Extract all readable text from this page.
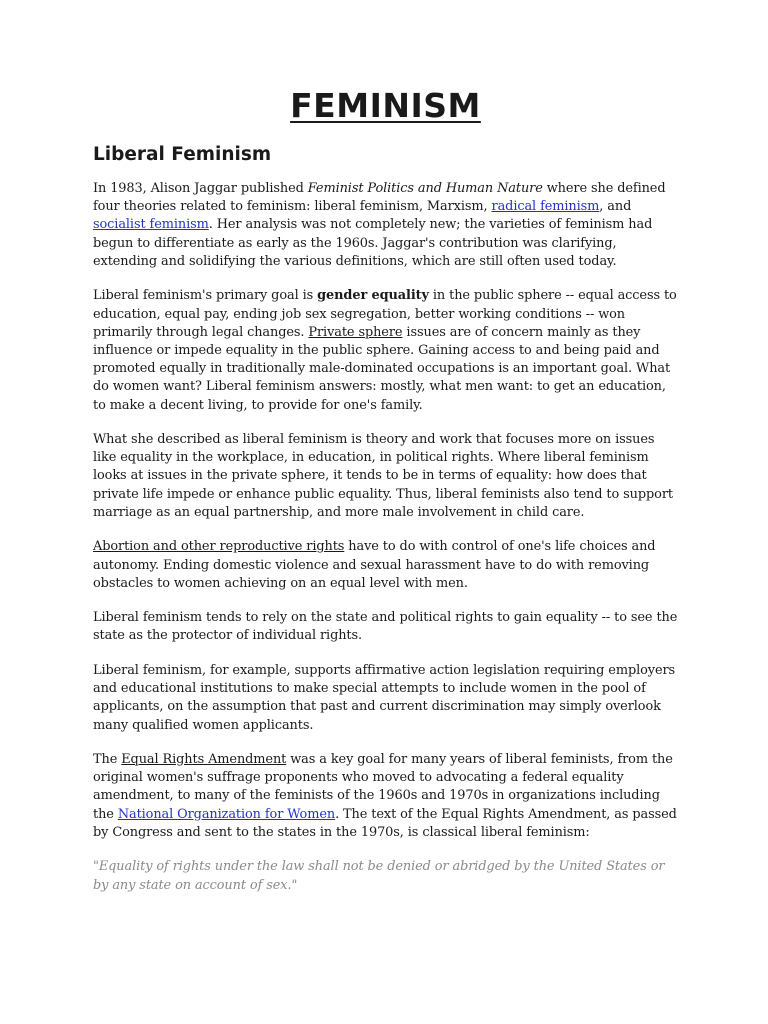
FEMINISM
Liberal Feminism

In 1983, Alison Jaggar published Feminist Politics and Human Nature where she defined four theories related to feminism: liberal feminism, Marxism, radical feminism, and socialist feminism. Her analysis was not completely new; the varieties of feminism had begun to differentiate as early as the 1960s. Jaggar's contribution was clarifying, extending and solidifying the various definitions, which are still often used today.

Liberal feminism's primary goal is gender equality in the public sphere -- equal access to education, equal pay, ending job sex segregation, better working conditions -- won primarily through legal changes. Private sphere issues are of concern mainly as they influence or impede equality in the public sphere. Gaining access to and being paid and promoted equally in traditionally male-dominated occupations is an important goal. What do women want? Liberal feminism answers: mostly, what men want: to get an education, to make a decent living, to provide for one's family.

What she described as liberal feminism is theory and work that focuses more on issues like equality in the workplace, in education, in political rights. Where liberal feminism looks at issues in the private sphere, it tends to be in terms of equality: how does that private life impede or enhance public equality. Thus, liberal feminists also tend to support marriage as an equal partnership, and more male involvement in child care.

Abortion and other reproductive rights have to do with control of one's life choices and autonomy. Ending domestic violence and sexual harassment have to do with removing obstacles to women achieving on an equal level with men.

Liberal feminism tends to rely on the state and political rights to gain equality -- to see the state as the protector of individual rights.

Liberal feminism, for example, supports affirmative action legislation requiring employers and educational institutions to make special attempts to include women in the pool of applicants, on the assumption that past and current discrimination may simply overlook many qualified women applicants.

The Equal Rights Amendment was a key goal for many years of liberal feminists, from the original women's suffrage proponents who moved to advocating a federal equality amendment, to many of the feminists of the 1960s and 1970s in organizations including the National Organization for Women. The text of the Equal Rights Amendment, as passed by Congress and sent to the states in the 1970s, is classical liberal feminism:

"Equality of rights under the law shall not be denied or abridged by the United States or by any state on account of sex."
